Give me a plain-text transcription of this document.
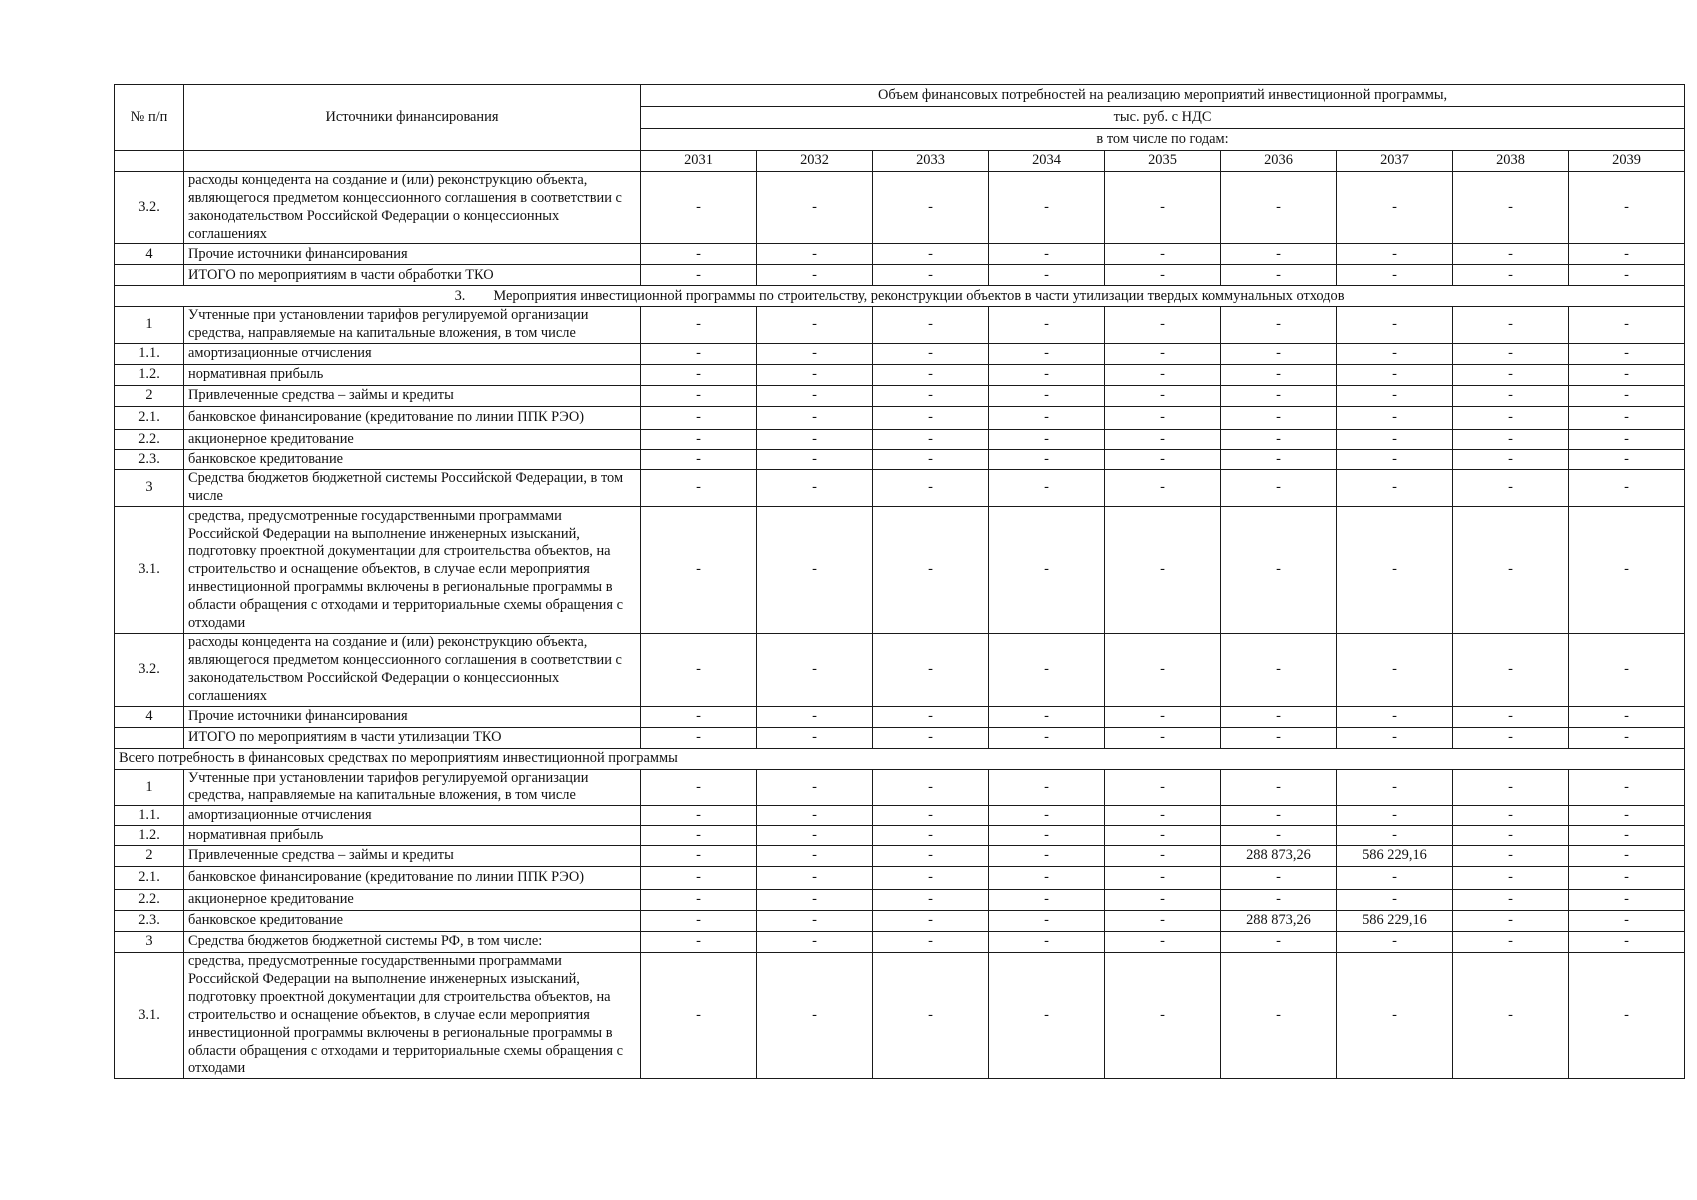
№ п/п	Источники финансирования	Объем финансовых потребностей на реализацию мероприятий инвестиционной программы,								
		тыс. руб. с НДС								
		в том числе по годам:								
		2031	2032	2033	2034	2035	2036	2037	2038	2039
3.2.	расходы концедента на создание и (или) реконструкцию объекта, являющегося предметом концессионного соглашения в соответствии с законодательством Российской Федерации о концессионных соглашениях	-	-	-	-	-	-	-	-	-
4	Прочие источники финансирования	-	-	-	-	-	-	-	-	-
	ИТОГО по мероприятиям в части обработки ТКО	-	-	-	-	-	-	-	-	-
3. Мероприятия инвестиционной программы по строительству, реконструкции объектов в части утилизации твердых коммунальных отходов										
1	Учтенные при установлении тарифов регулируемой организации средства, направляемые на капитальные вложения, в том числе	-	-	-	-	-	-	-	-	-
1.1.	амортизационные отчисления	-	-	-	-	-	-	-	-	-
1.2.	нормативная прибыль	-	-	-	-	-	-	-	-	-
2	Привлеченные средства – займы и кредиты	-	-	-	-	-	-	-	-	-
2.1.	банковское финансирование (кредитование по линии ППК РЭО)	-	-	-	-	-	-	-	-	-
2.2.	акционерное кредитование	-	-	-	-	-	-	-	-	-
2.3.	банковское кредитование	-	-	-	-	-	-	-	-	-
3	Средства бюджетов бюджетной системы Российской Федерации, в том числе	-	-	-	-	-	-	-	-	-
3.1.	средства, предусмотренные государственными программами Российской Федерации на выполнение инженерных изысканий, подготовку проектной документации для строительства объектов, на строительство и оснащение объектов, в случае если мероприятия инвестиционной программы включены в региональные программы в области обращения с отходами и территориальные схемы обращения с отходами	-	-	-	-	-	-	-	-	-
3.2.	расходы концедента на создание и (или) реконструкцию объекта, являющегося предметом концессионного соглашения в соответствии с законодательством Российской Федерации о концессионных соглашениях	-	-	-	-	-	-	-	-	-
4	Прочие источники финансирования	-	-	-	-	-	-	-	-	-
	ИТОГО по мероприятиям в части утилизации ТКО	-	-	-	-	-	-	-	-	-
Всего потребность в финансовых средствах по мероприятиям инвестиционной программы										
1	Учтенные при установлении тарифов регулируемой организации средства, направляемые на капитальные вложения, в том числе	-	-	-	-	-	-	-	-	-
1.1.	амортизационные отчисления	-	-	-	-	-	-	-	-	-
1.2.	нормативная прибыль	-	-	-	-	-	-	-	-	-
2	Привлеченные средства – займы и кредиты	-	-	-	-	-	288 873,26	586 229,16	-	-
2.1.	банковское финансирование (кредитование по линии ППК РЭО)	-	-	-	-	-	-	-	-	-
2.2.	акционерное кредитование	-	-	-	-	-	-	-	-	-
2.3.	банковское кредитование	-	-	-	-	-	288 873,26	586 229,16	-	-
3	Средства бюджетов бюджетной системы РФ, в том числе:	-	-	-	-	-	-	-	-	-
3.1.	средства, предусмотренные государственными программами Российской Федерации на выполнение инженерных изысканий, подготовку проектной документации для строительства объектов, на строительство и оснащение объектов, в случае если мероприятия инвестиционной программы включены в региональные программы в области обращения с отходами и территориальные схемы обращения с отходами	-	-	-	-	-	-	-	-	-
